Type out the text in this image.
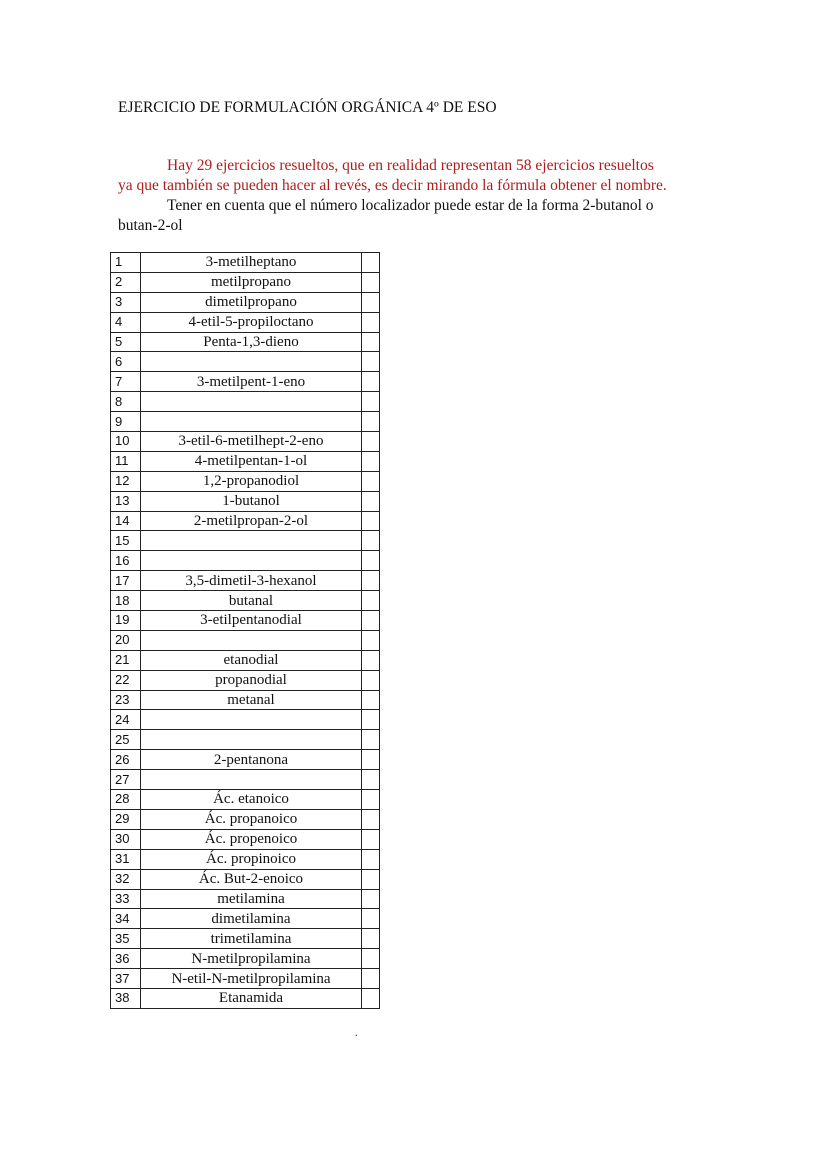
EJERCICIO DE FORMULACIÓN ORGÁNICA 4º DE ESO
Hay 29 ejercicios resueltos, que en realidad representan 58 ejercicios resueltos
ya que también se pueden hacer al revés, es decir mirando la fórmula obtener el nombre.
Tener en cuenta que el número localizador puede estar de la forma 2-butanol o
butan-2-ol
1	3-metilheptano	
2	metilpropano	
3	dimetilpropano	
4	4-etil-5-propiloctano	
5	Penta-1,3-dieno	
6		
7	3-metilpent-1-eno	
8		
9		
10	3-etil-6-metilhept-2-eno	
11	4-metilpentan-1-ol	
12	1,2-propanodiol	
13	1-butanol	
14	2-metilpropan-2-ol	
15		
16		
17	3,5-dimetil-3-hexanol	
18	butanal	
19	3-etilpentanodial	
20		
21	etanodial	
22	propanodial	
23	metanal	
24		
25		
26	2-pentanona	
27		
28	Ác. etanoico	
29	Ác. propanoico	
30	Ác. propenoico	
31	Ác. propinoico	
32	Ác. But-2-enoico	
33	metilamina	
34	dimetilamina	
35	trimetilamina	
36	N-metilpropilamina	
37	N-etil-N-metilpropilamina	
38	Etanamida	
.
